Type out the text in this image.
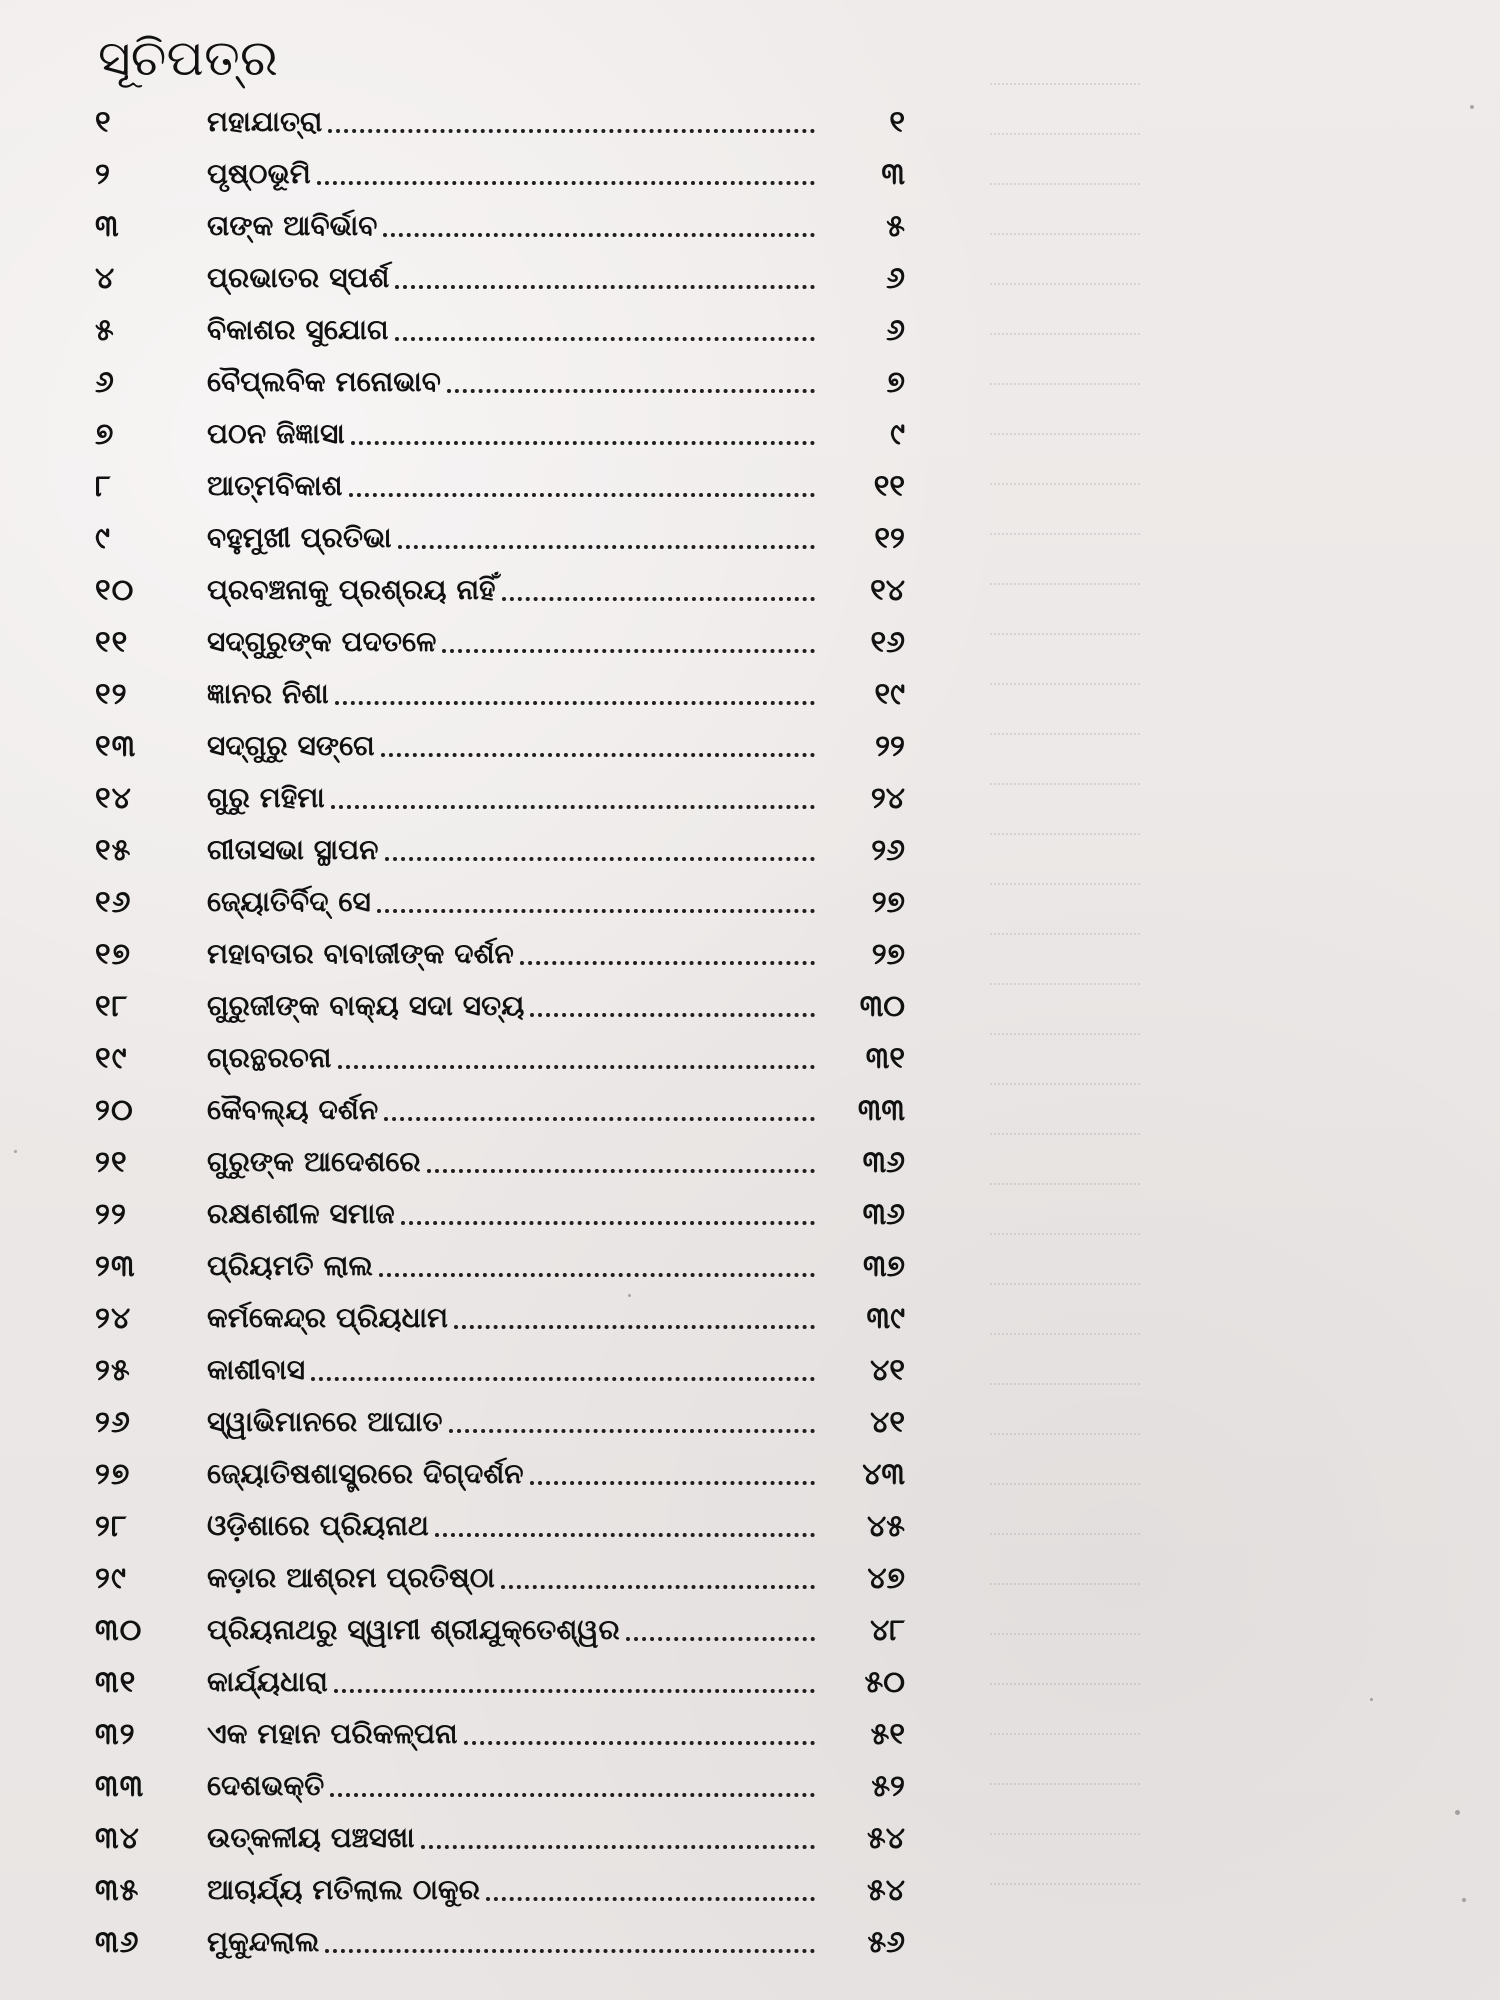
ସୂଚିପତ୍ର
୧	ମହାଯାତ୍ରା	୧
୨	ପୃଷ୍ଠଭୂମି	୩
୩	ତାଙ୍କ ଆବିର୍ଭାବ	୫
୪	ପ୍ରଭାତର ସ୍ପର୍ଶ	୬
୫	ବିକାଶର ସୁଯୋଗ	୬
୬	ବୈପ୍ଲବିକ ମନୋଭାବ	୭
୭	ପଠନ ଜିଜ୍ଞାସା	୯
୮	ଆତ୍ମବିକାଶ	୧୧
୯	ବହୁମୁଖୀ ପ୍ରତିଭା	୧୨
୧୦	ପ୍ରବଞ୍ଚନାକୁ ପ୍ରଶ୍ରୟ ନାହିଁ	୧୪
୧୧	ସଦ୍‌ଗୁରୁଙ୍କ ପଦତଳେ	୧୬
୧୨	ଜ୍ଞାନର ନିଶା	୧୯
୧୩	ସଦ୍‌ଗୁରୁ ସଙ୍ଗେ	୨୨
୧୪	ଗୁରୁ ମହିମା	୨୪
୧୫	ଗୀତାସଭା ସ୍ଥାପନ	୨୬
୧୬	ଜ୍ୟୋତିର୍ବିଦ୍ ସେ	୨୭
୧୭	ମହାବତାର ବାବାଜୀଙ୍କ ଦର୍ଶନ	୨୭
୧୮	ଗୁରୁଜୀଙ୍କ ବାକ୍ୟ ସଦା ସତ୍ୟ	୩୦
୧୯	ଗ୍ରନ୍ଥରଚନା	୩୧
୨୦	କୈବଲ୍ୟ ଦର୍ଶନ	୩୩
୨୧	ଗୁରୁଙ୍କ ଆଦେଶରେ	୩୬
୨୨	ରକ୍ଷଣଶୀଳ ସମାଜ	୩୬
୨୩	ପ୍ରିୟମତି ଲାଲ	୩୭
୨୪	କର୍ମକେନ୍ଦ୍ର ପ୍ରିୟଧାମ	୩୯
୨୫	କାଶୀବାସ	୪୧
୨୬	ସ୍ୱାଭିମାନରେ ଆଘାତ	୪୧
୨୭	ଜ୍ୟୋତିଷଶାସ୍ତ୍ରରେ ଦିଗ୍‌ଦର୍ଶନ	୪୩
୨୮	ଓଡ଼ିଶାରେ ପ୍ରିୟନାଥ	୪୫
୨୯	କଡ଼ାର ଆଶ୍ରମ ପ୍ରତିଷ୍ଠା	୪୭
୩୦	ପ୍ରିୟନାଥରୁ ସ୍ୱାମୀ ଶ୍ରୀଯୁକ୍ତେଶ୍ୱର	୪୮
୩୧	କାର୍ଯ୍ୟଧାରା	୫୦
୩୨	ଏକ ମହାନ ପରିକଳ୍ପନା	୫୧
୩୩	ଦେଶଭକ୍ତି	୫୨
୩୪	ଉତ୍କଳୀୟ ପଞ୍ଚସଖା	୫୪
୩୫	ଆଚାର୍ଯ୍ୟ ମତିଲାଲ ଠାକୁର	୫୪
୩୬	ମୁକୁନ୍ଦଲାଲ	୫୬
